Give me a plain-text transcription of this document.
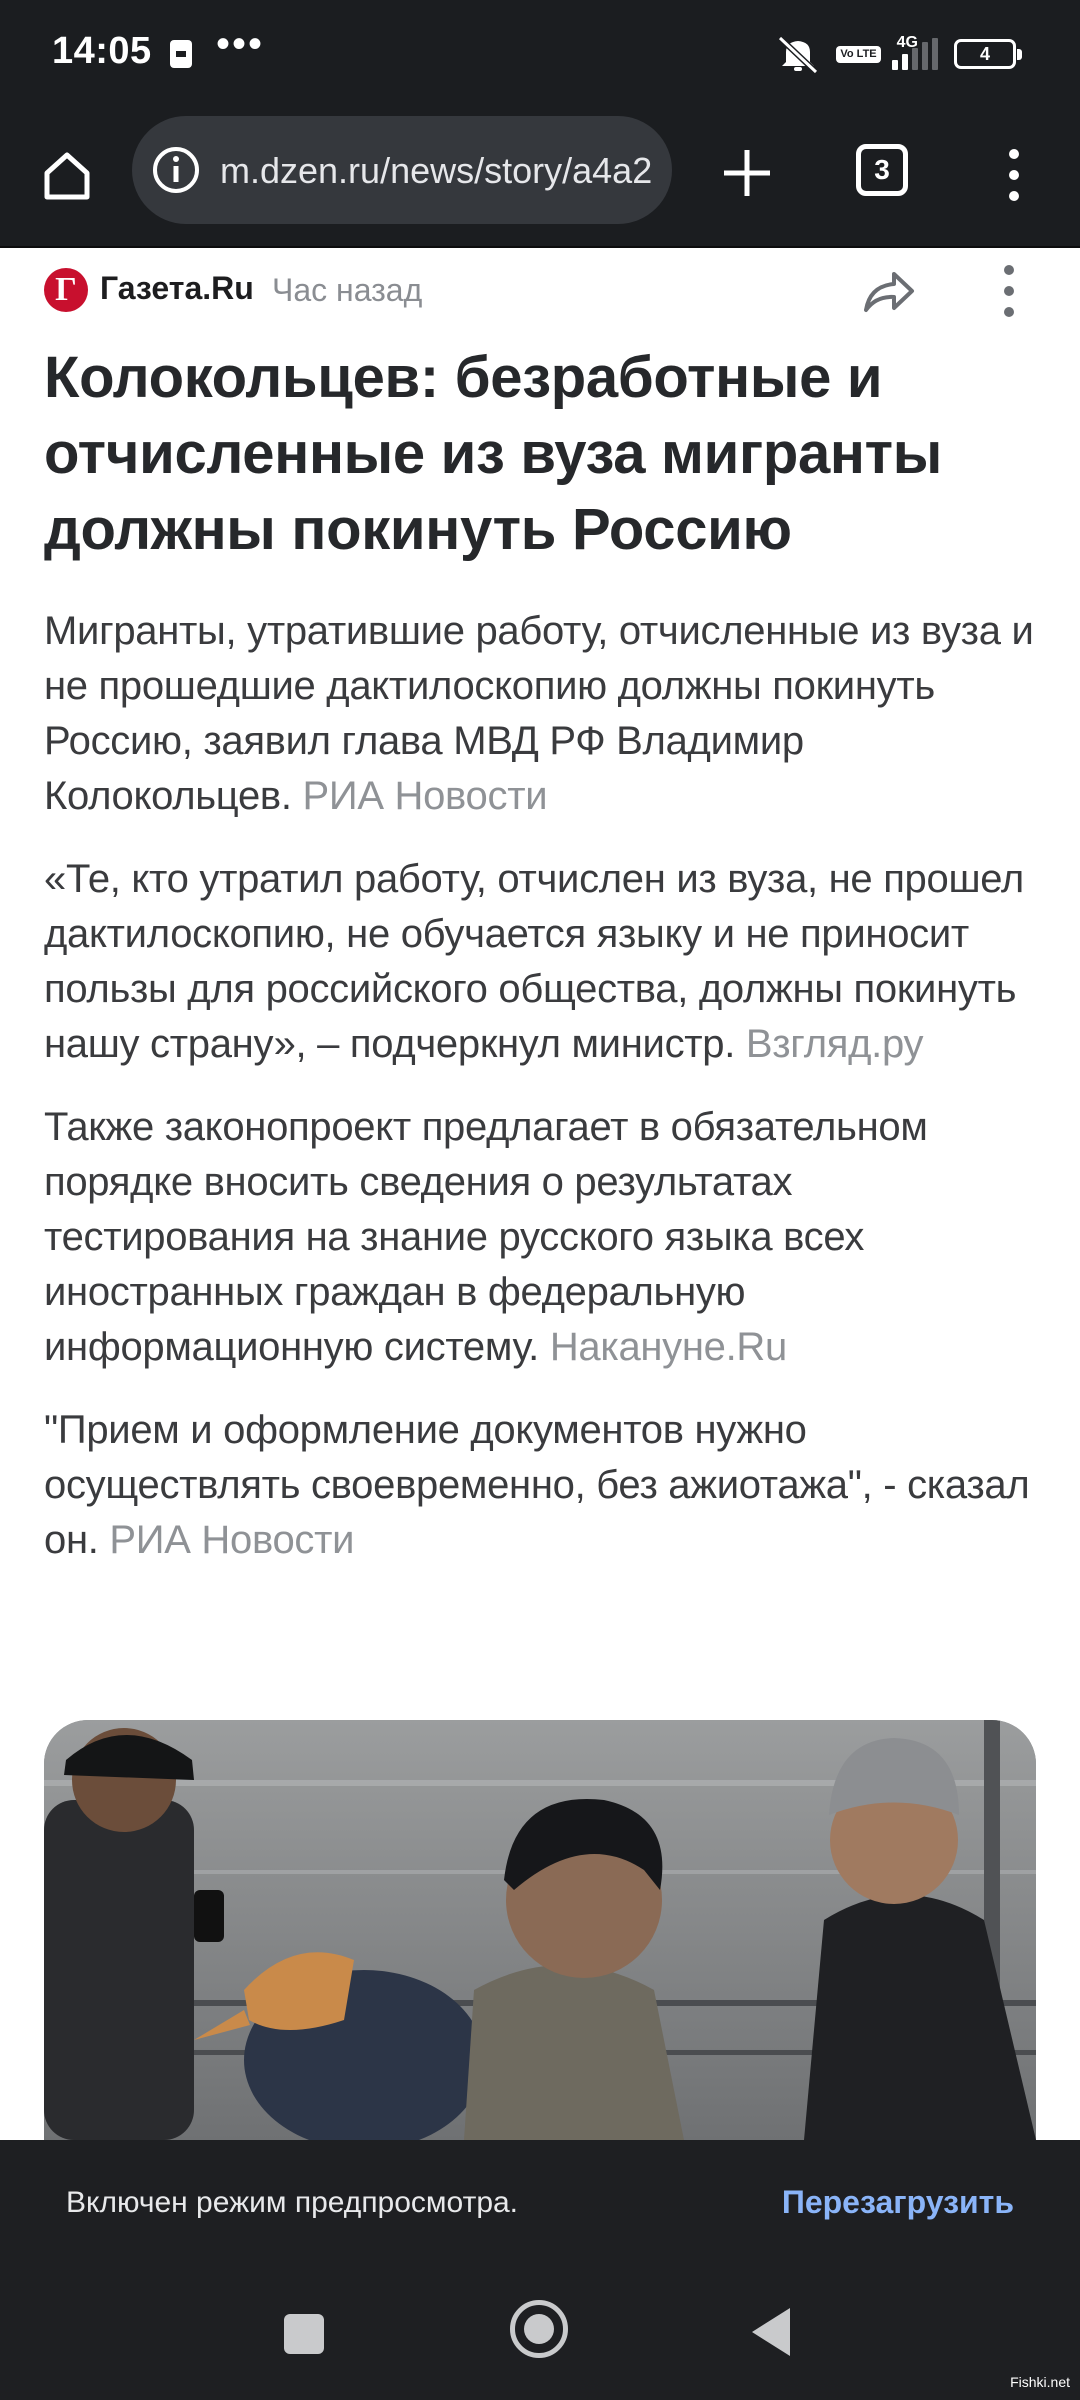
14:05 •••	Vo LTE
4G
4
m.dzen.ru/news/story/a4a2	3
Г Газета.Ru Час назад
Колокольцев: безработные и отчисленные из вуза мигранты должны покинуть Россию

Мигранты, утратившие работу, отчисленные из вуза и не прошедшие дактилоскопию должны покинуть Россию, заявил глава МВД РФ Владимир Колокольцев. РИА Новости

«Те, кто утратил работу, отчислен из вуза, не прошел дактилоскопию, не обучается языку и не приносит пользы для российского общества, должны покинуть нашу страну», – подчеркнул министр. Взгляд.ру

Также законопроект предлагает в обязательном порядке вносить сведения о результатах тестирования на знание русского языка всех иностранных граждан в федеральную информационную систему. Накануне.Ru

"Прием и оформление документов нужно осуществлять своевременно, без ажиотажа", - сказал он. РИА Новости

Включен режим предпросмотра.	Перезагрузить
Fishki.net
